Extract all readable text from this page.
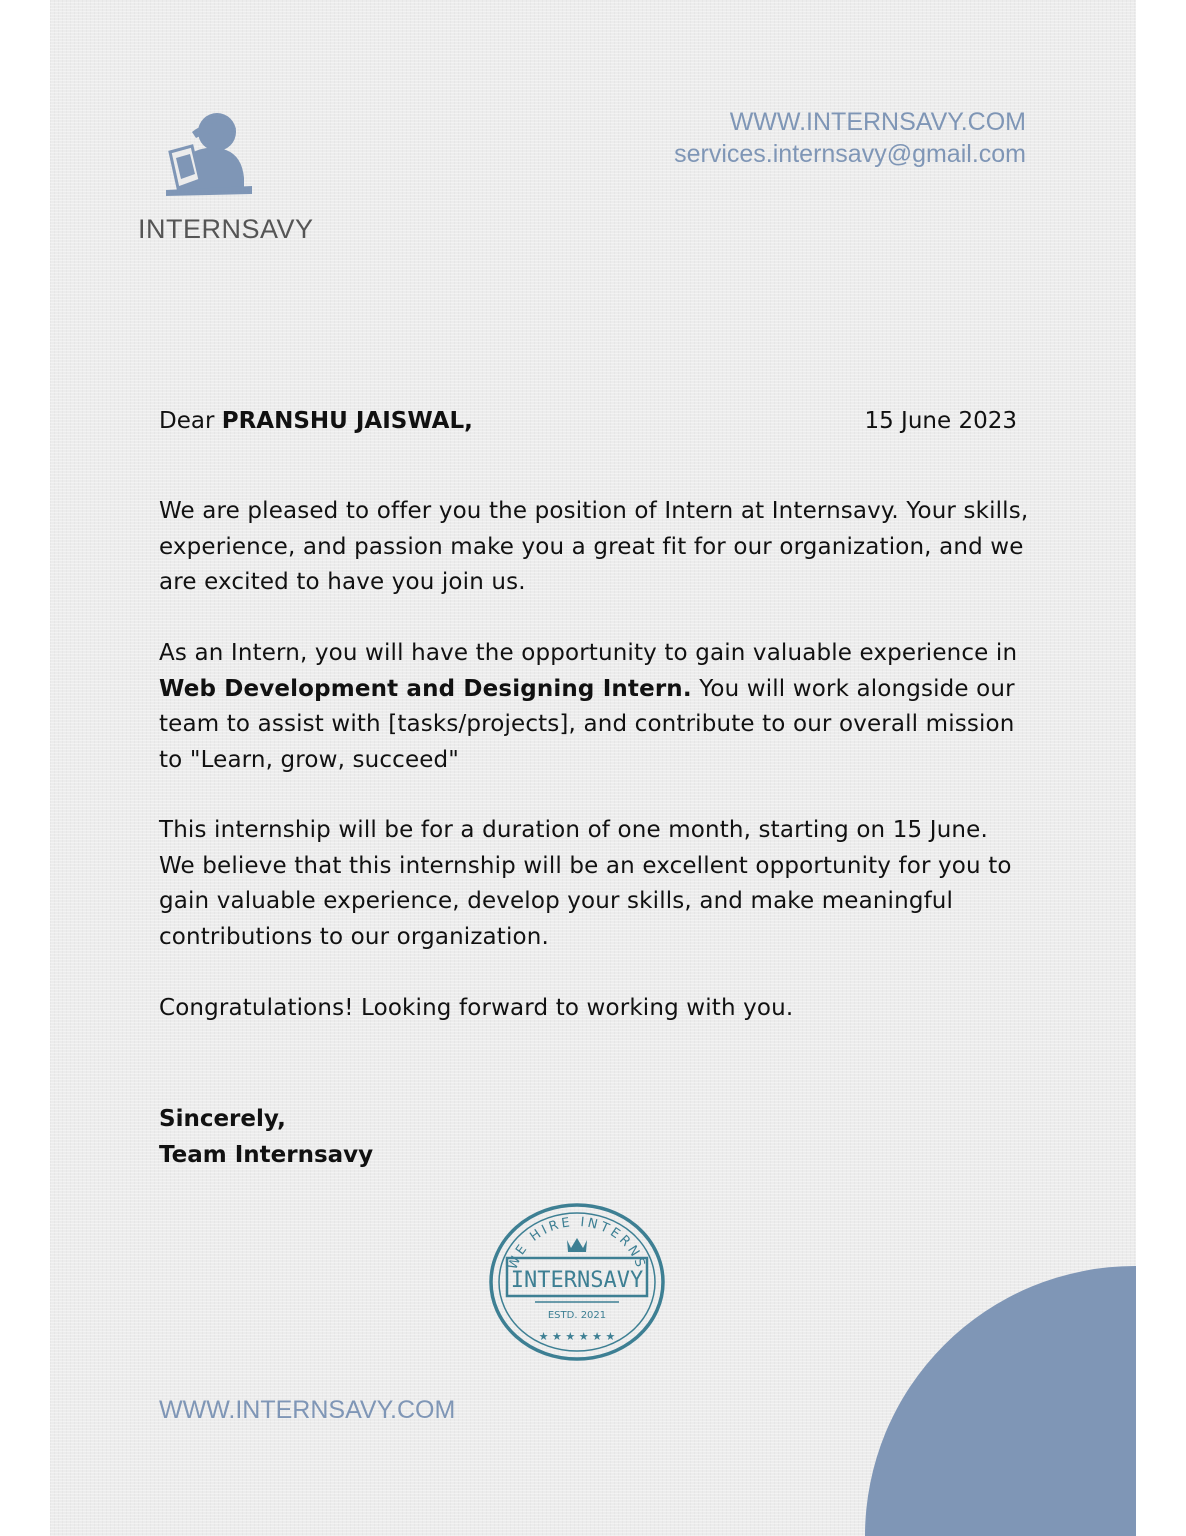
INTERNSAVY
WWW.INTERNSAVY.COM
services.internsavy@gmail.com
Dear PRANSHU JAISWAL,	15 June 2023
We are pleased to offer you the position of Intern at Internsavy. Your skills, experience, and passion make you a great fit for our organization, and we are excited to have you join us.
As an Intern, you will have the opportunity to gain valuable experience in Web Development and Designing Intern. You will work alongside our team to assist with [tasks/projects], and contribute to our overall mission to "Learn, grow, succeed"
This internship will be for a duration of one month, starting on 15 June. We believe that this internship will be an excellent opportunity for you to gain valuable experience, develop your skills, and make meaningful contributions to our organization.
Congratulations! Looking forward to working with you.
Sincerely,
Team Internsavy
WE HIRE INTERNS
INTERNSAVY
ESTD. 2021
★ ★ ★ ★ ★ ★
WWW.INTERNSAVY.COM
